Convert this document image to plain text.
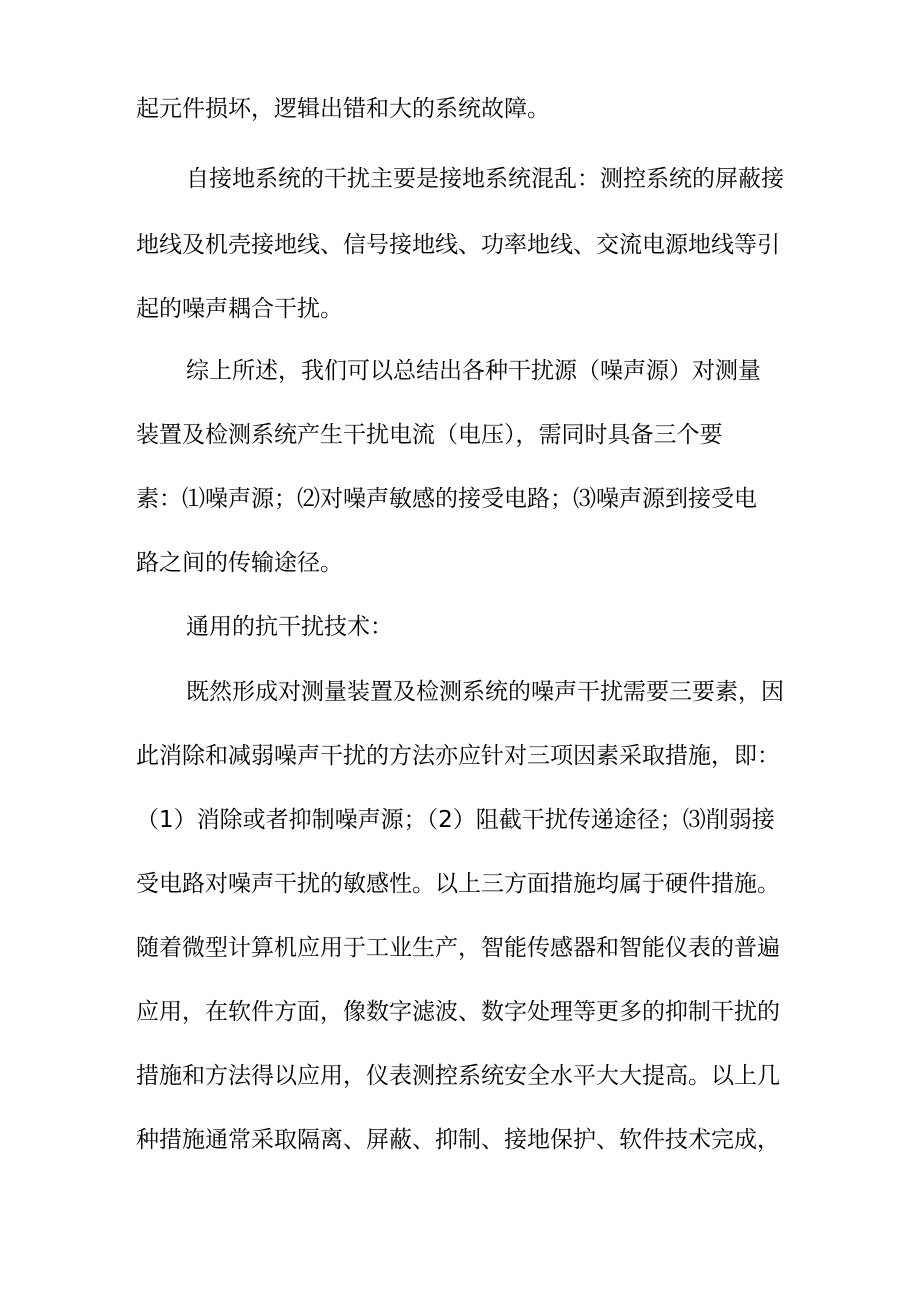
起元件损坏，逻辑出错和大的系统故障。
自接地系统的干扰主要是接地系统混乱：测控系统的屏蔽接
地线及机壳接地线、信号接地线、功率地线、交流电源地线等引
起的噪声耦合干扰。
综上所述，我们可以总结出各种干扰源（噪声源）对测量
装置及检测系统产生干扰电流（电压），需同时具备三个要
素：⑴噪声源；⑵对噪声敏感的接受电路；⑶噪声源到接受电
路之间的传输途径。
通用的抗干扰技术：
既然形成对测量装置及检测系统的噪声干扰需要三要素，因
此消除和减弱噪声干扰的方法亦应针对三项因素采取措施，即：
（1）消除或者抑制噪声源；（2）阻截干扰传递途径；⑶削弱接
受电路对噪声干扰的敏感性。以上三方面措施均属于硬件措施。
随着微型计算机应用于工业生产，智能传感器和智能仪表的普遍
应用，在软件方面，像数字滤波、数字处理等更多的抑制干扰的
措施和方法得以应用，仪表测控系统安全水平大大提高。以上几
种措施通常采取隔离、屏蔽、抑制、接地保护、软件技术完成，
